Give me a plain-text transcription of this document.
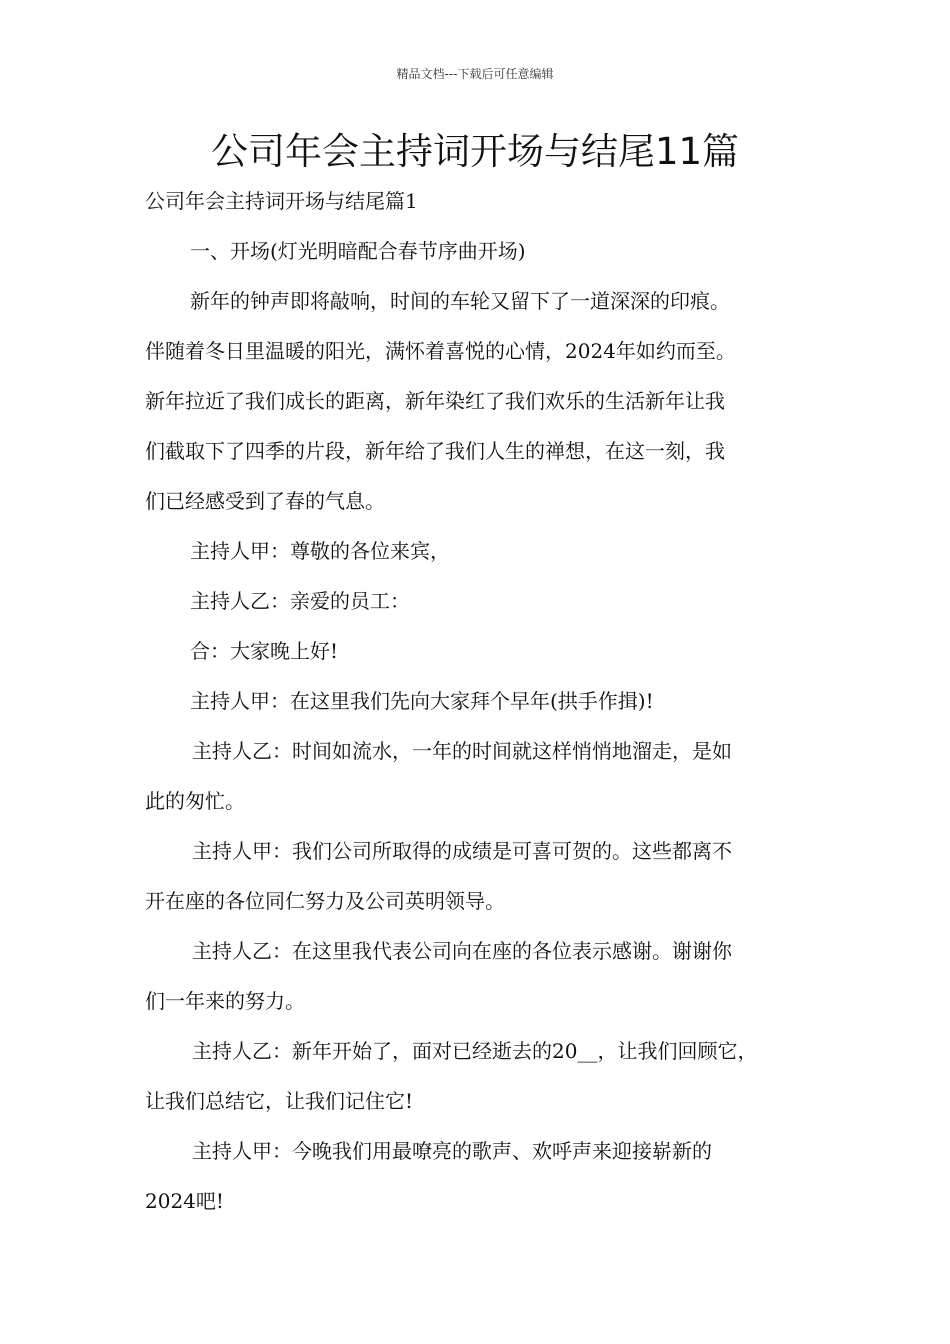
精品文档---下载后可任意编辑
公司年会主持词开场与结尾11篇
公司年会主持词开场与结尾篇1
一、开场(灯光明暗配合春节序曲开场)
新年的钟声即将敲响，时间的车轮又留下了一道深深的印痕。
伴随着冬日里温暖的阳光，满怀着喜悦的心情，2024年如约而至。
新年拉近了我们成长的距离，新年染红了我们欢乐的生活新年让我
们截取下了四季的片段，新年给了我们人生的禅想，在这一刻，我
们已经感受到了春的气息。
主持人甲：尊敬的各位来宾，
主持人乙：亲爱的员工：
合：大家晚上好!
主持人甲：在这里我们先向大家拜个早年(拱手作揖)!
主持人乙：时间如流水，一年的时间就这样悄悄地溜走，是如
此的匆忙。
主持人甲：我们公司所取得的成绩是可喜可贺的。这些都离不
开在座的各位同仁努力及公司英明领导。
主持人乙：在这里我代表公司向在座的各位表示感谢。谢谢你
们一年来的努力。
主持人乙：新年开始了，面对已经逝去的20__，让我们回顾它，
让我们总结它，让我们记住它!
主持人甲：今晚我们用最嘹亮的歌声、欢呼声来迎接崭新的
2024吧!
